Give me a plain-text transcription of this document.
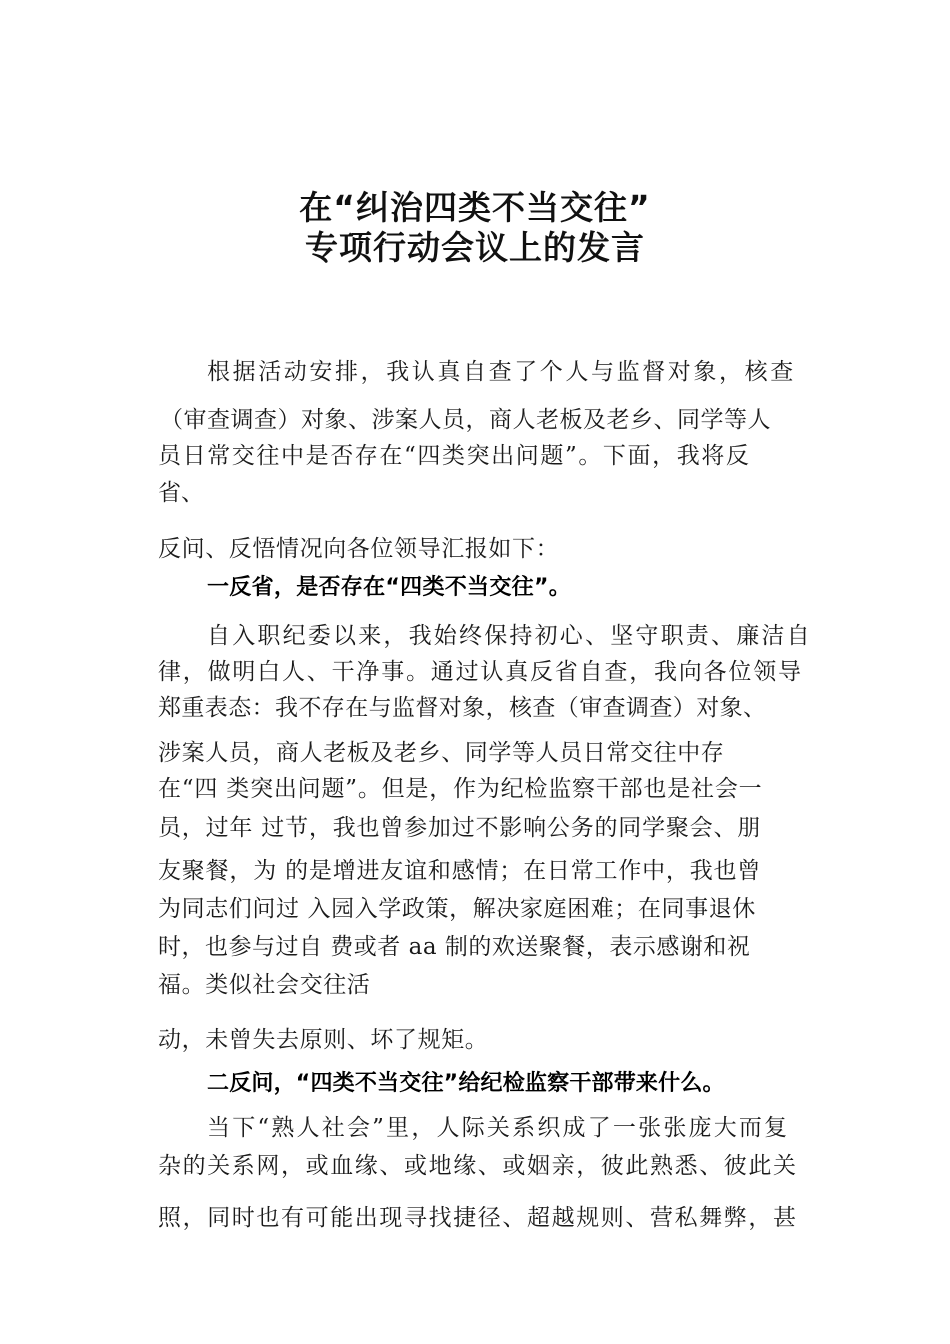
在“纠治四类不当交往”
专项行动会议上的发言
根据活动安排，我认真自查了个人与监督对象，核查
（审查调查）对象、涉案人员，商人老板及老乡、同学等人
员日常交往中是否存在“四类突出问题”。下面，我将反
省、
反问、反悟情况向各位领导汇报如下：
一反省，是否存在“四类不当交往”。
自入职纪委以来，我始终保持初心、坚守职责、廉洁自
律，做明白人、干净事。通过认真反省自查，我向各位领导
郑重表态：我不存在与监督对象，核查（审查调查）对象、
涉案人员，商人老板及老乡、同学等人员日常交往中存
在“四 类突出问题”。但是，作为纪检监察干部也是社会一
员，过年 过节，我也曾参加过不影响公务的同学聚会、朋
友聚餐，为 的是增进友谊和感情；在日常工作中，我也曾
为同志们问过 入园入学政策，解决家庭困难；在同事退休
时，也参与过自 费或者 aa 制的欢送聚餐，表示感谢和祝
福。类似社会交往活
动，未曾失去原则、坏了规矩。
二反问，“四类不当交往”给纪检监察干部带来什么。
当下“熟人社会”里，人际关系织成了一张张庞大而复
杂的关系网，或血缘、或地缘、或姻亲，彼此熟悉、彼此关
照，同时也有可能出现寻找捷径、超越规则、营私舞弊，甚
